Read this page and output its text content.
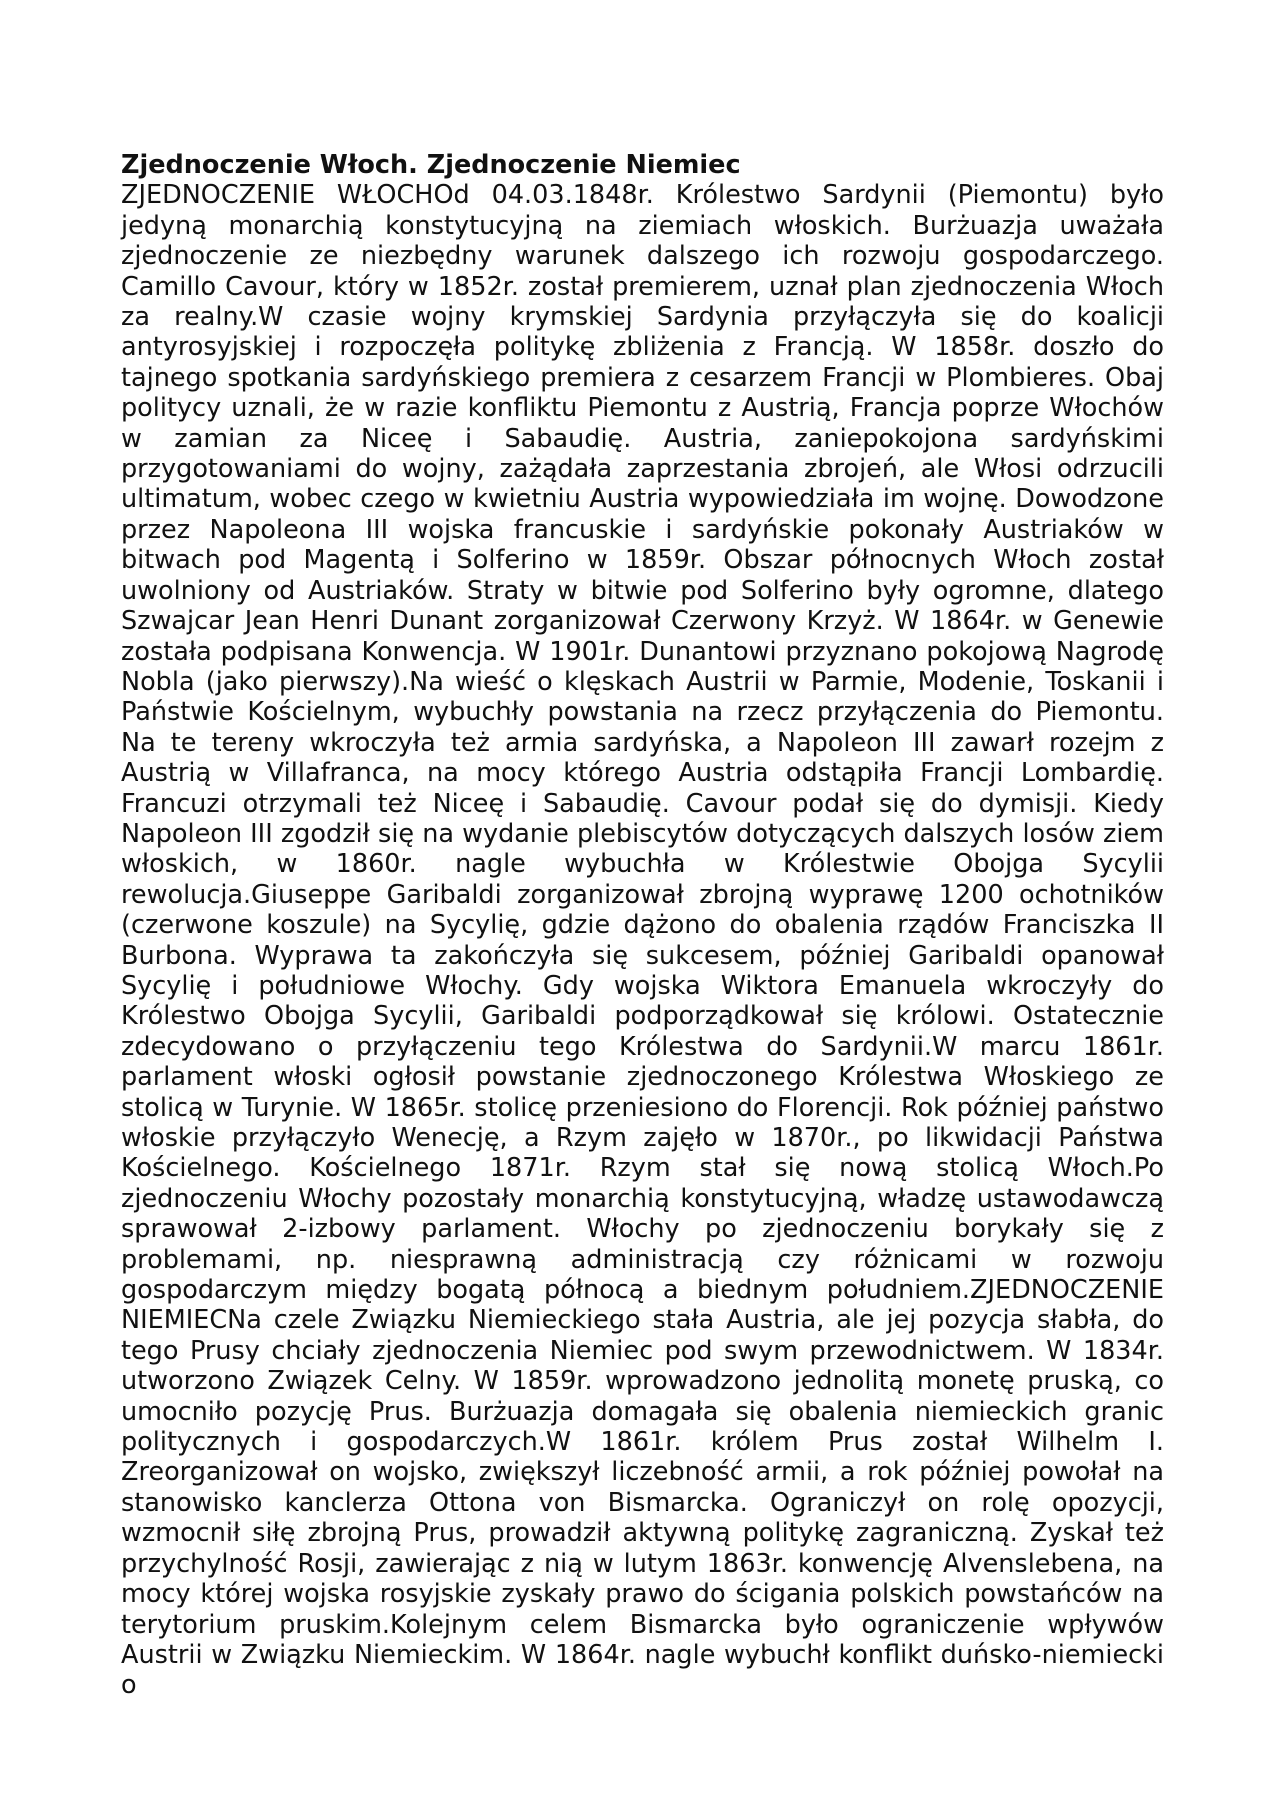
Zjednoczenie Włoch. Zjednoczenie Niemiec
ZJEDNOCZENIE WŁOCHOd 04.03.1848r. Królestwo Sardynii (Piemontu) było jedyną monarchią konstytucyjną na ziemiach włoskich. Burżuazja uważała zjednoczenie ze niezbędny warunek dalszego ich rozwoju gospodarczego. Camillo Cavour, który w 1852r. został premierem, uznał plan zjednoczenia Włoch za realny.W czasie wojny krymskiej Sardynia przyłączyła się do koalicji antyrosyjskiej i rozpoczęła politykę zbliżenia z Francją. W 1858r. doszło do tajnego spotkania sardyńskiego premiera z cesarzem Francji w Plombieres. Obaj politycy uznali, że w razie konfliktu Piemontu z Austrią, Francja poprze Włochów w zamian za Niceę i Sabaudię. Austria, zaniepokojona sardyńskimi przygotowaniami do wojny, zażądała zaprzestania zbrojeń, ale Włosi odrzucili ultimatum, wobec czego w kwietniu Austria wypowiedziała im wojnę. Dowodzone przez Napoleona III wojska francuskie i sardyńskie pokonały Austriaków w bitwach pod Magentą i Solferino w 1859r. Obszar północnych Włoch został uwolniony od Austriaków. Straty w bitwie pod Solferino były ogromne, dlatego Szwajcar Jean Henri Dunant zorganizował Czerwony Krzyż. W 1864r. w Genewie została podpisana Konwencja. W 1901r. Dunantowi przyznano pokojową Nagrodę Nobla (jako pierwszy).Na wieść o klęskach Austrii w Parmie, Modenie, Toskanii i Państwie Kościelnym, wybuchły powstania na rzecz przyłączenia do Piemontu. Na te tereny wkroczyła też armia sardyńska, a Napoleon III zawarł rozejm z Austrią w Villafranca, na mocy którego Austria odstąpiła Francji Lombardię. Francuzi otrzymali też Niceę i Sabaudię. Cavour podał się do dymisji. Kiedy Napoleon III zgodził się na wydanie plebiscytów dotyczących dalszych losów ziem włoskich, w 1860r. nagle wybuchła w Królestwie Obojga Sycylii rewolucja.Giuseppe Garibaldi zorganizował zbrojną wyprawę 1200 ochotników (czerwone koszule) na Sycylię, gdzie dążono do obalenia rządów Franciszka II Burbona. Wyprawa ta zakończyła się sukcesem, później Garibaldi opanował Sycylię i południowe Włochy. Gdy wojska Wiktora Emanuela wkroczyły do Królestwo Obojga Sycylii, Garibaldi podporządkował się królowi. Ostatecznie zdecydowano o przyłączeniu tego Królestwa do Sardynii.W marcu 1861r. parlament włoski ogłosił powstanie zjednoczonego Królestwa Włoskiego ze stolicą w Turynie. W 1865r. stolicę przeniesiono do Florencji. Rok później państwo włoskie przyłączyło Wenecję, a Rzym zajęło w 1870r., po likwidacji Państwa Kościelnego. Kościelnego 1871r. Rzym stał się nową stolicą Włoch.Po zjednoczeniu Włochy pozostały monarchią konstytucyjną, władzę ustawodawczą sprawował 2-izbowy parlament. Włochy po zjednoczeniu borykały się z problemami, np. niesprawną administracją czy różnicami w rozwoju gospodarczym między bogatą północą a biednym południem.ZJEDNOCZENIE NIEMIECNa czele Związku Niemieckiego stała Austria, ale jej pozycja słabła, do tego Prusy chciały zjednoczenia Niemiec pod swym przewodnictwem. W 1834r. utworzono Związek Celny. W 1859r. wprowadzono jednolitą monetę pruską, co umocniło pozycję Prus. Burżuazja domagała się obalenia niemieckich granic politycznych i gospodarczych.W 1861r. królem Prus został Wilhelm I. Zreorganizował on wojsko, zwiększył liczebność armii, a rok później powołał na stanowisko kanclerza Ottona von Bismarcka. Ograniczył on rolę opozycji, wzmocnił siłę zbrojną Prus, prowadził aktywną politykę zagraniczną. Zyskał też przychylność Rosji, zawierając z nią w lutym 1863r. konwencję Alvenslebena, na mocy której wojska rosyjskie zyskały prawo do ścigania polskich powstańców na terytorium pruskim.Kolejnym celem Bismarcka było ograniczenie wpływów Austrii w Związku Niemieckim. W 1864r. nagle wybuchł konflikt duńsko-niemiecki o
